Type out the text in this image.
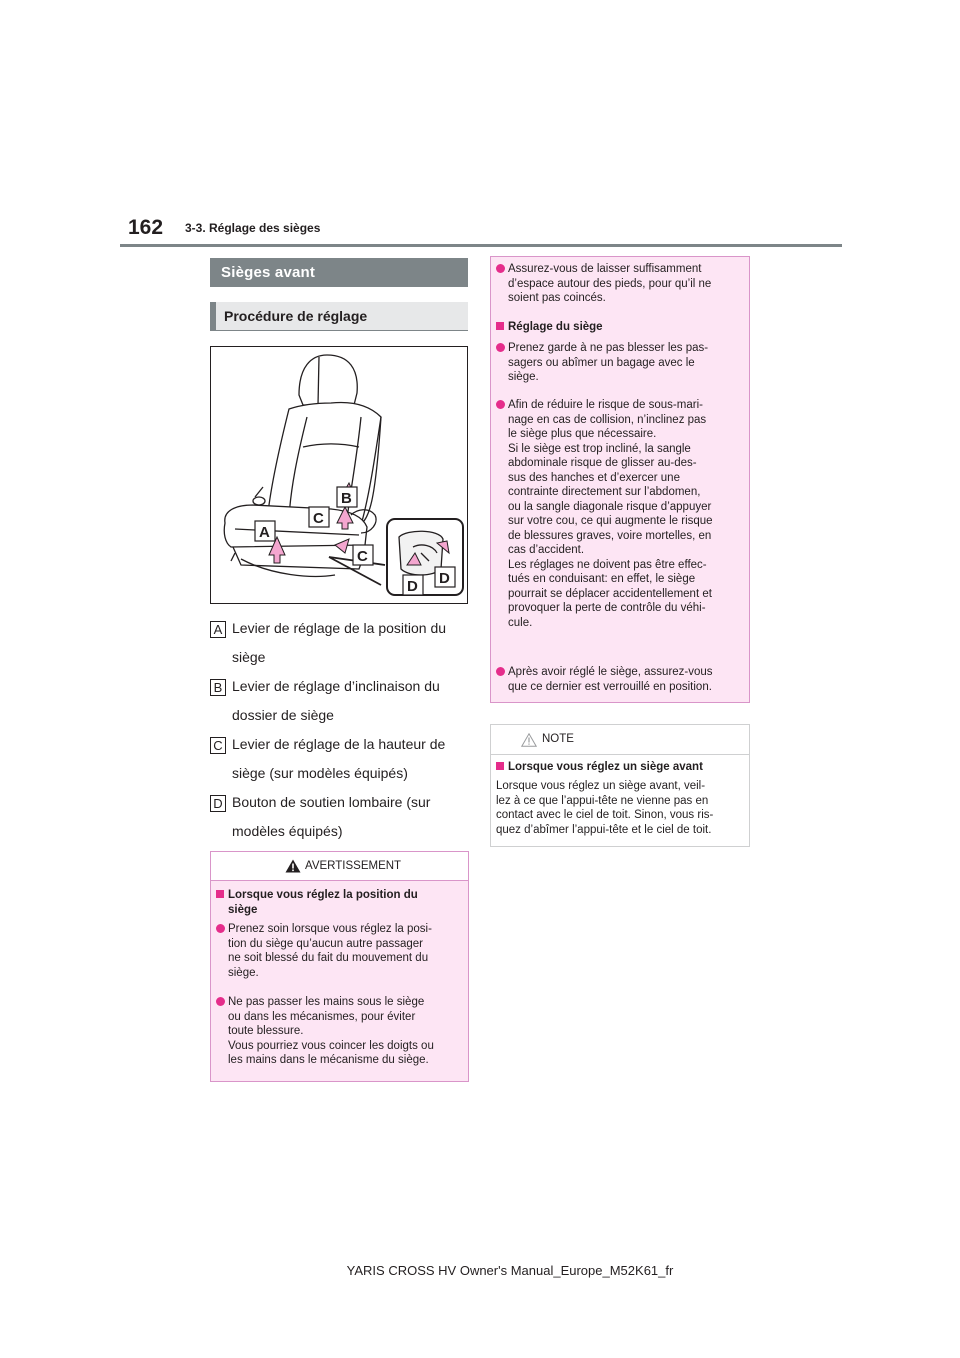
162 3-3. Réglage des sièges
Sièges avant
Procédure de réglage
A
B
C
C
D D
A Levier de réglage de la position du
siège
B Levier de réglage d’inclinaison du
dossier de siège
C Levier de réglage de la hauteur de
siège (sur modèles équipés)
D Bouton de soutien lombaire (sur
modèles équipés)
AVERTISSEMENT
Lorsque vous réglez la position du
siège
Prenez soin lorsque vous réglez la posi-
tion du siège qu’aucun autre passager
ne soit blessé du fait du mouvement du
siège.
Ne pas passer les mains sous le siège
ou dans les mécanismes, pour éviter
toute blessure.
Vous pourriez vous coincer les doigts ou
les mains dans le mécanisme du siège.
Assurez-vous de laisser suffisamment
d’espace autour des pieds, pour qu’il ne
soient pas coincés.
Réglage du siège
Prenez garde à ne pas blesser les pas-
sagers ou abîmer un bagage avec le
siège.
Afin de réduire le risque de sous-mari-
nage en cas de collision, n’inclinez pas
le siège plus que nécessaire.
Si le siège est trop incliné, la sangle
abdominale risque de glisser au-des-
sus des hanches et d’exercer une
contrainte directement sur l’abdomen,
ou la sangle diagonale risque d’appuyer
sur votre cou, ce qui augmente le risque
de blessures graves, voire mortelles, en
cas d’accident.
Les réglages ne doivent pas être effec-
tués en conduisant: en effet, le siège
pourrait se déplacer accidentellement et
provoquer la perte de contrôle du véhi-
cule.
Après avoir réglé le siège, assurez-vous
que ce dernier est verrouillé en position.
NOTE
Lorsque vous réglez un siège avant
Lorsque vous réglez un siège avant, veil-
lez à ce que l’appui-tête ne vienne pas en
contact avec le ciel de toit. Sinon, vous ris-
quez d’abîmer l’appui-tête et le ciel de toit.
YARIS CROSS HV Owner's Manual_Europe_M52K61_fr
